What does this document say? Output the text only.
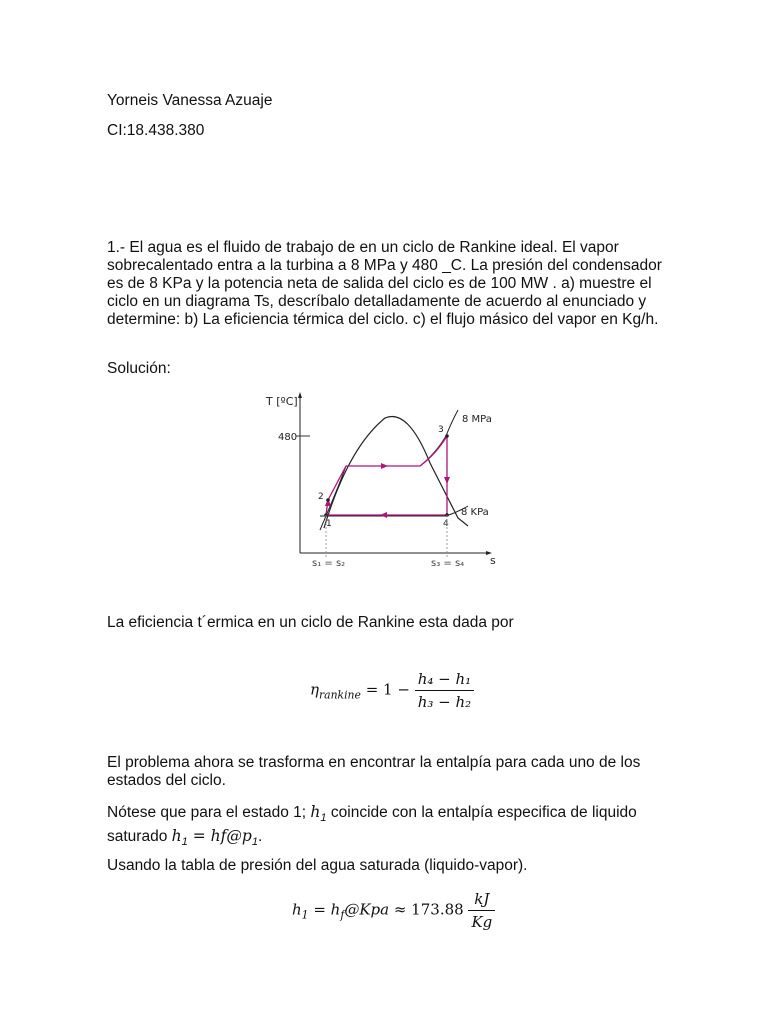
Yorneis Vanessa Azuaje

CI:18.438.380

1.- El agua es el fluido de trabajo de en un ciclo de Rankine ideal. El vapor sobrecalentado entra a la turbina a 8 MPa y 480 _C. La presión del condensador es de 8 KPa y la potencia neta de salida del ciclo es de 100 MW . a) muestre el ciclo en un diagrama Ts, descríbalo detalladamente de acuerdo al enunciado y determine: b) La eficiencia térmica del ciclo. c) el flujo másico del vapor en Kg/h.

Solución:

T [ºC]
480
s
8 MPa
8 KPa
1
2
3
4
s₁ = s₂	s₃ = s₄

La eficiencia t´ermica en un ciclo de Rankine esta dada por

$\eta_{rankine} = 1 - \frac{\text{h₄ − h₁}}{\text{h₃ − h₂}}$

El problema ahora se trasforma en encontrar la entalpía para cada uno de los estados del ciclo.

Nótese que para el estado 1; $h_1$ coincide con la entalpía especifica de liquido saturado $h_1$ = $hf@p_1$.

Usando la tabla de presión del agua saturada (liquido-vapor).

$h_1$ = $h_f@Kpa \approx 173.88 \frac{kJ}{Kg}$
